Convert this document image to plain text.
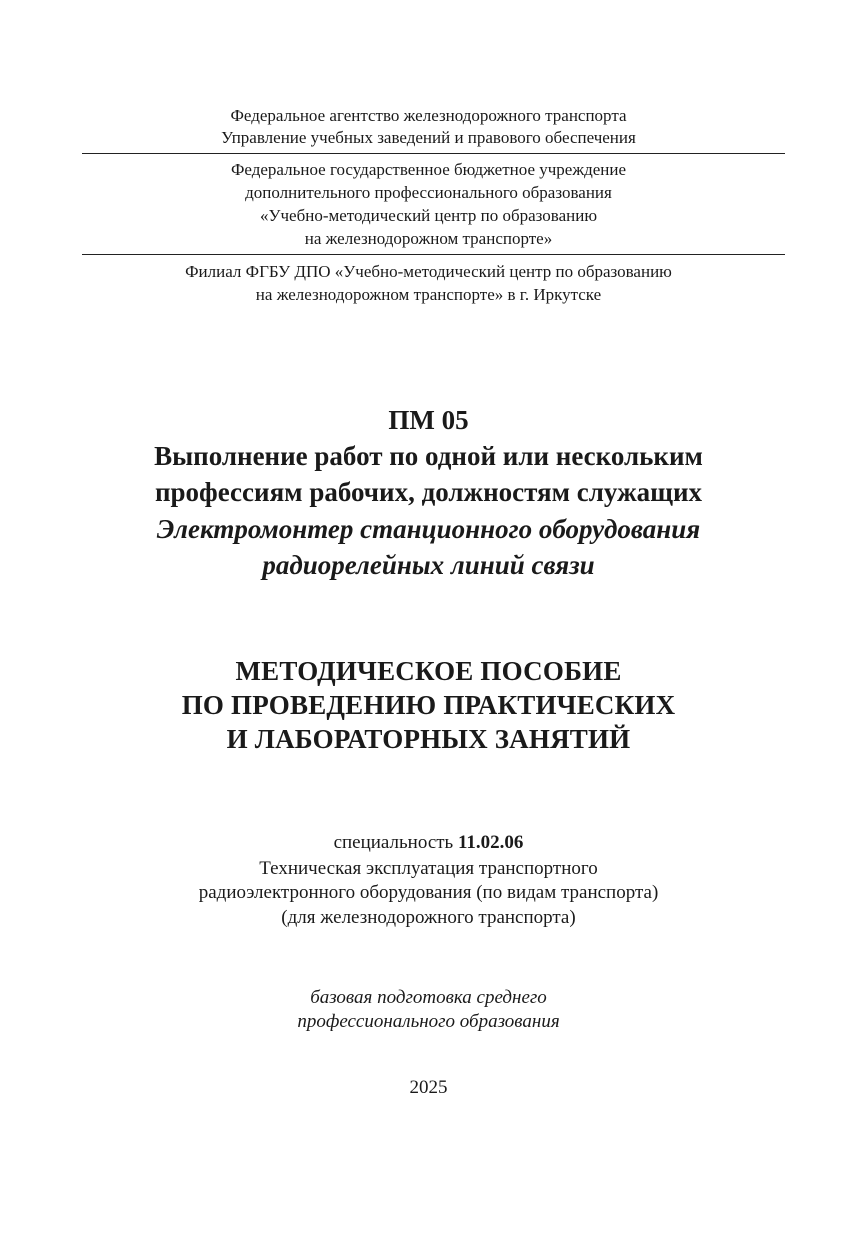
Федеральное агентство железнодорожного транспорта
Управление учебных заведений и правового обеспечения
Федеральное государственное бюджетное учреждение
дополнительного профессионального образования
«Учебно-методический центр по образованию
на железнодорожном транспорте»
Филиал ФГБУ ДПО «Учебно-методический центр по образованию
на железнодорожном транспорте» в г. Иркутске
ПМ 05
Выполнение работ по одной или нескольким
профессиям рабочих, должностям служащих
Электромонтер станционного оборудования
радиорелейных линий связи
МЕТОДИЧЕСКОЕ ПОСОБИЕ
ПО ПРОВЕДЕНИЮ ПРАКТИЧЕСКИХ
И ЛАБОРАТОРНЫХ ЗАНЯТИЙ
специальность 11.02.06
Техническая эксплуатация транспортного
радиоэлектронного оборудования (по видам транспорта)
(для железнодорожного транспорта)
базовая подготовка среднего
профессионального образования
2025
